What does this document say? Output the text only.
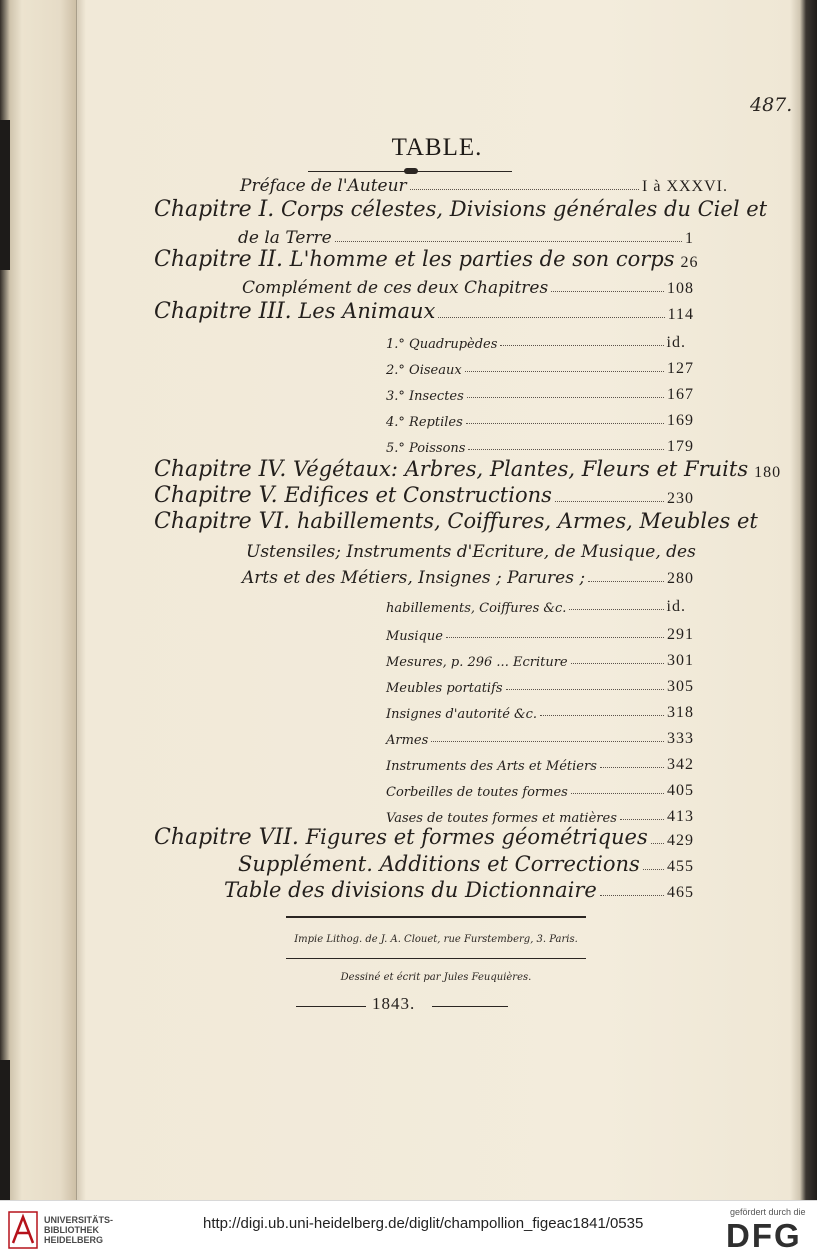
487.
TABLE.
Préface de l'Auteur	I à XXXVI.
Chapitre I. Corps célestes, Divisions générales du Ciel et
de la Terre	1
Chapitre II. L'homme et les parties de son corps 26
Complément de ces deux Chapitres	108
Chapitre III. Les Animaux	114
1.° Quadrupèdes	id.
2.° Oiseaux	127
3.° Insectes	167
4.° Reptiles	169
5.° Poissons	179
Chapitre IV. Végétaux: Arbres, Plantes, Fleurs et Fruits 180
Chapitre V. Edifices et Constructions	230
Chapitre VI. habillements, Coiffures, Armes, Meubles et
Ustensiles; Instruments d'Ecriture, de Musique, des
Arts et des Métiers, Insignes ; Parures ;	280
habillements, Coiffures &c.	id.
Musique	291
Mesures, p. 296 ... Ecriture	301
Meubles portatifs	305
Insignes d'autorité &c.	318
Armes	333
Instruments des Arts et Métiers	342
Corbeilles de toutes formes	405
Vases de toutes formes et matières	413
Chapitre VII. Figures et formes géométriques 429
Supplément. Additions et Corrections 455
Table des divisions du Dictionnaire	465
Impie Lithog. de J. A. Clouet, rue Furstemberg, 3. Paris.
Dessiné et écrit par Jules Feuquières.
1843.
UNIVERSITÄTS-
BIBLIOTHEK
HEIDELBERG
http://digi.ub.uni-heidelberg.de/diglit/champollion_figeac1841/0535
gefördert durch die
DFG
